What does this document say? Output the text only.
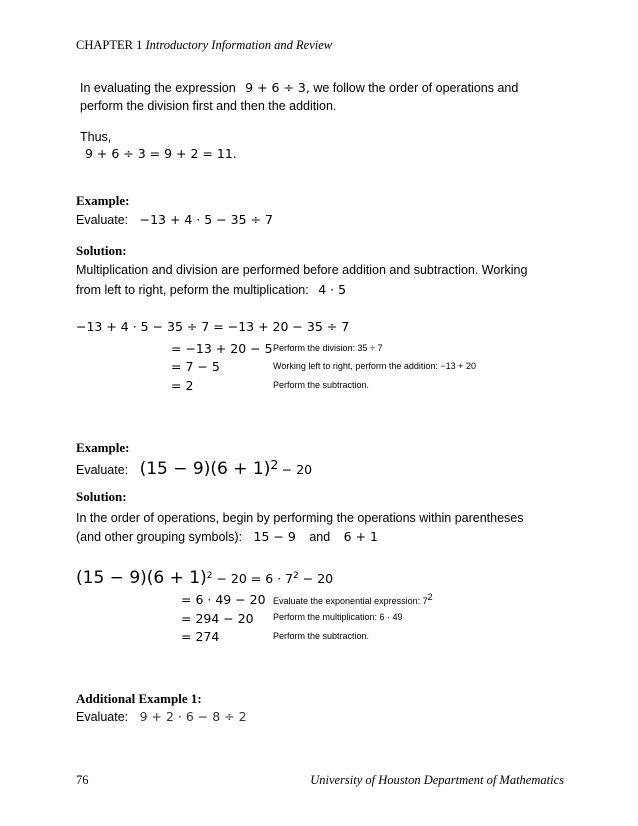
CHAPTER 1 Introductory Information and Review
In evaluating the expression 9 + 6 ÷ 3, we follow the order of operations and
perform the division first and then the addition.
Thus,
9 + 6 ÷ 3 = 9 + 2 = 11.
Example:
Evaluate: −13 + 4 · 5 − 35 ÷ 7
Solution:
Multiplication and division are performed before addition and subtraction. Working
from left to right, peform the multiplication: 4 · 5
−13 + 4 · 5 − 35 ÷ 7 = −13 + 20 − 35 ÷ 7
= −13 + 20 − 5 Perform the division: 35 ÷ 7
= 7 − 5	Working left to right, perform the addition: −13 + 20
= 2	Perform the subtraction.
Example:
Evaluate: $(15 - 9)(6 + 1)^2 - 20$
Solution:
In the order of operations, begin by performing the operations within parentheses
(and other grouping symbols): 15 − 9 and 6 + 1
$(15 - 9)(6 + 1)^2 - 20 = 6 \cdot 7^2 - 20$
= 6 · 49 − 20 Evaluate the exponential expression: $7^2$
= 294 − 20 Perform the multiplication: 6 · 49
= 274	Perform the subtraction.
Additional Example 1:
Evaluate: 9 + 2 · 6 − 8 ÷ 2
76	University of Houston Department of Mathematics
